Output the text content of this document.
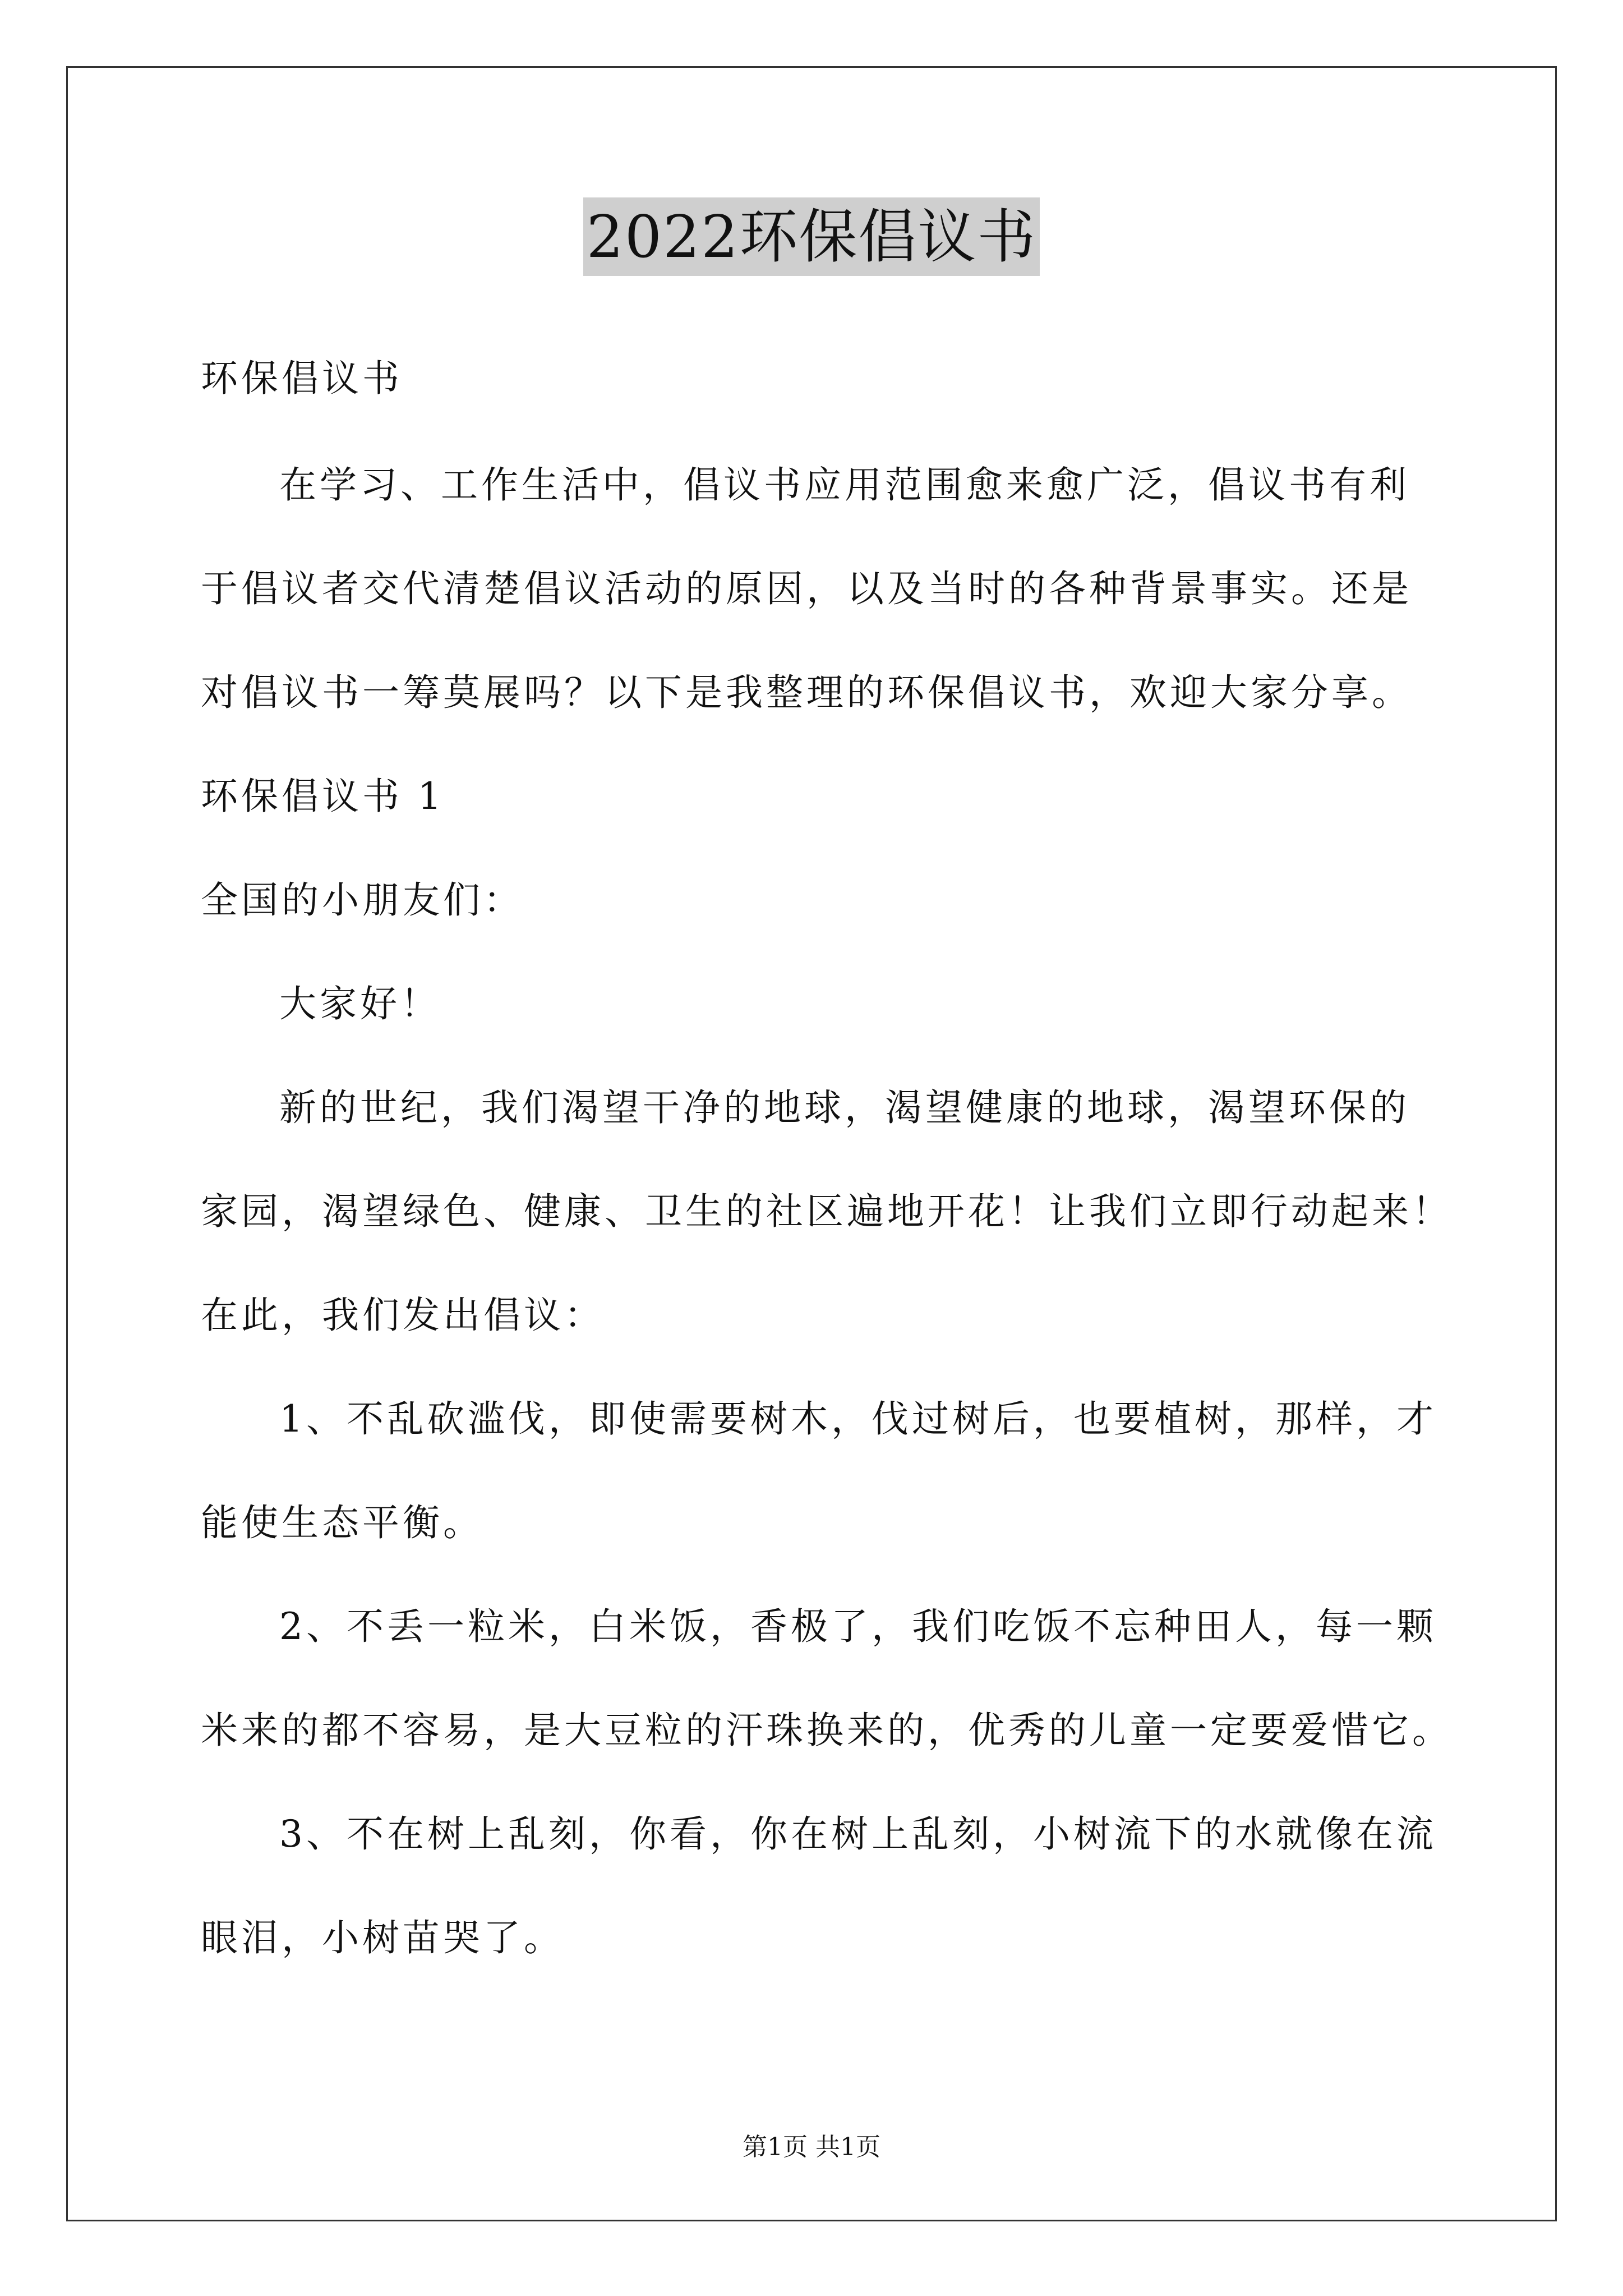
2022环保倡议书
环保倡议书
在学习、工作生活中，倡议书应用范围愈来愈广泛，倡议书有利
于倡议者交代清楚倡议活动的原因，以及当时的各种背景事实。还是
对倡议书一筹莫展吗？以下是我整理的环保倡议书，欢迎大家分享。
环保倡议书 1
全国的小朋友们：
大家好！
新的世纪，我们渴望干净的地球，渴望健康的地球，渴望环保的
家园，渴望绿色、健康、卫生的社区遍地开花！让我们立即行动起来！
在此，我们发出倡议：
1、不乱砍滥伐，即使需要树木，伐过树后，也要植树，那样，才
能使生态平衡。
2、不丢一粒米，白米饭，香极了，我们吃饭不忘种田人，每一颗
米来的都不容易，是大豆粒的汗珠换来的，优秀的儿童一定要爱惜它。
3、不在树上乱刻，你看，你在树上乱刻，小树流下的水就像在流
眼泪，小树苗哭了。
第1页 共1页
